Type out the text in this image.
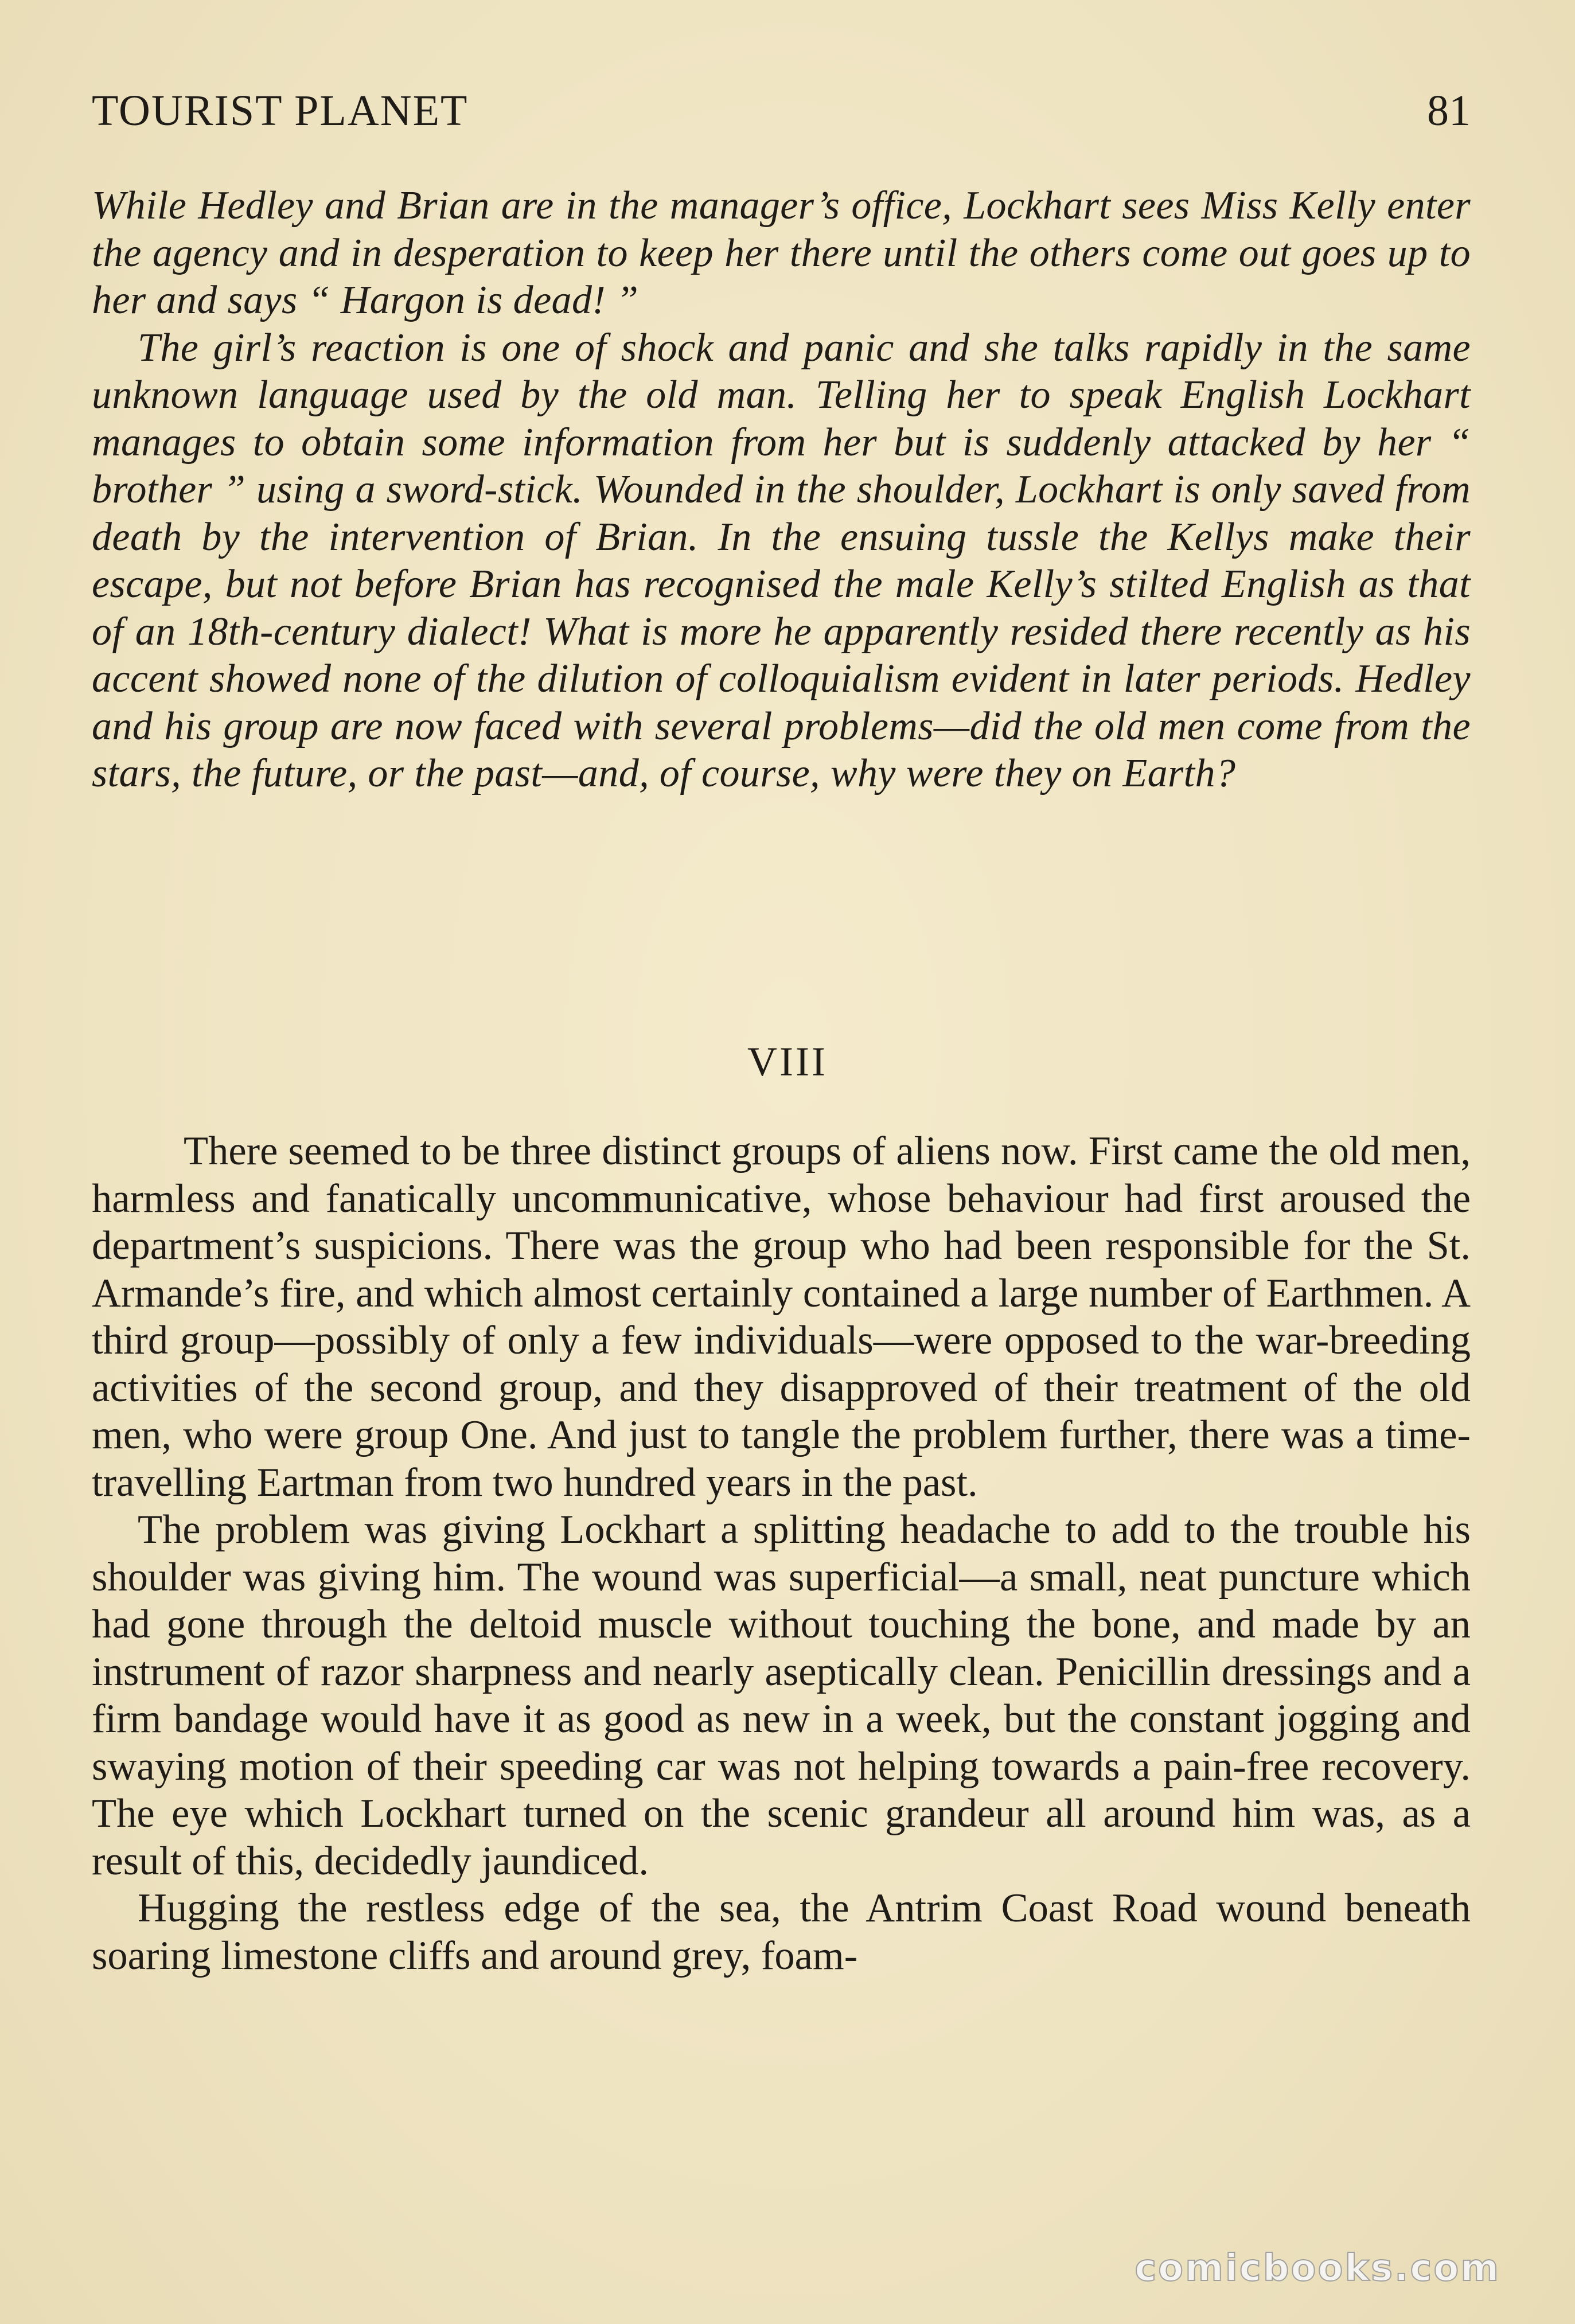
TOURIST PLANET	81

While Hedley and Brian are in the manager’s office, Lockhart sees Miss Kelly enter the agency and in desperation to keep her there until the others come out goes up to her and says “ Hargon is dead! ”

The girl’s reaction is one of shock and panic and she talks rapidly in the same unknown language used by the old man. Telling her to speak English Lockhart manages to obtain some information from her but is suddenly attacked by her “ brother ” using a sword-stick. Wounded in the shoulder, Lockhart is only saved from death by the intervention of Brian. In the ensuing tussle the Kellys make their escape, but not before Brian has recognised the male Kelly’s stilted English as that of an 18th-century dialect! What is more he apparently resided there recently as his accent showed none of the dilution of colloquialism evident in later periods. Hedley and his group are now faced with several problems—did the old men come from the stars, the future, or the past—and, of course, why were they on Earth?

VIII

There seemed to be three distinct groups of aliens now. First came the old men, harmless and fanatically uncommunicative, whose behaviour had first aroused the department’s suspicions. There was the group who had been responsible for the St. Armande’s fire, and which almost certainly contained a large number of Earthmen. A third group—possibly of only a few individuals—were opposed to the war-breeding activities of the second group, and they disapproved of their treatment of the old men, who were group One. And just to tangle the problem further, there was a time-travelling Eartman from two hundred years in the past.

The problem was giving Lockhart a splitting headache to add to the trouble his shoulder was giving him. The wound was superficial—a small, neat puncture which had gone through the deltoid muscle without touching the bone, and made by an instrument of razor sharpness and nearly aseptically clean. Penicillin dressings and a firm bandage would have it as good as new in a week, but the constant jogging and swaying motion of their speeding car was not helping towards a pain-free recovery. The eye which Lockhart turned on the scenic grandeur all around him was, as a result of this, decidedly jaundiced.

Hugging the restless edge of the sea, the Antrim Coast Road wound beneath soaring limestone cliffs and around grey, foam-

comicbooks.com
